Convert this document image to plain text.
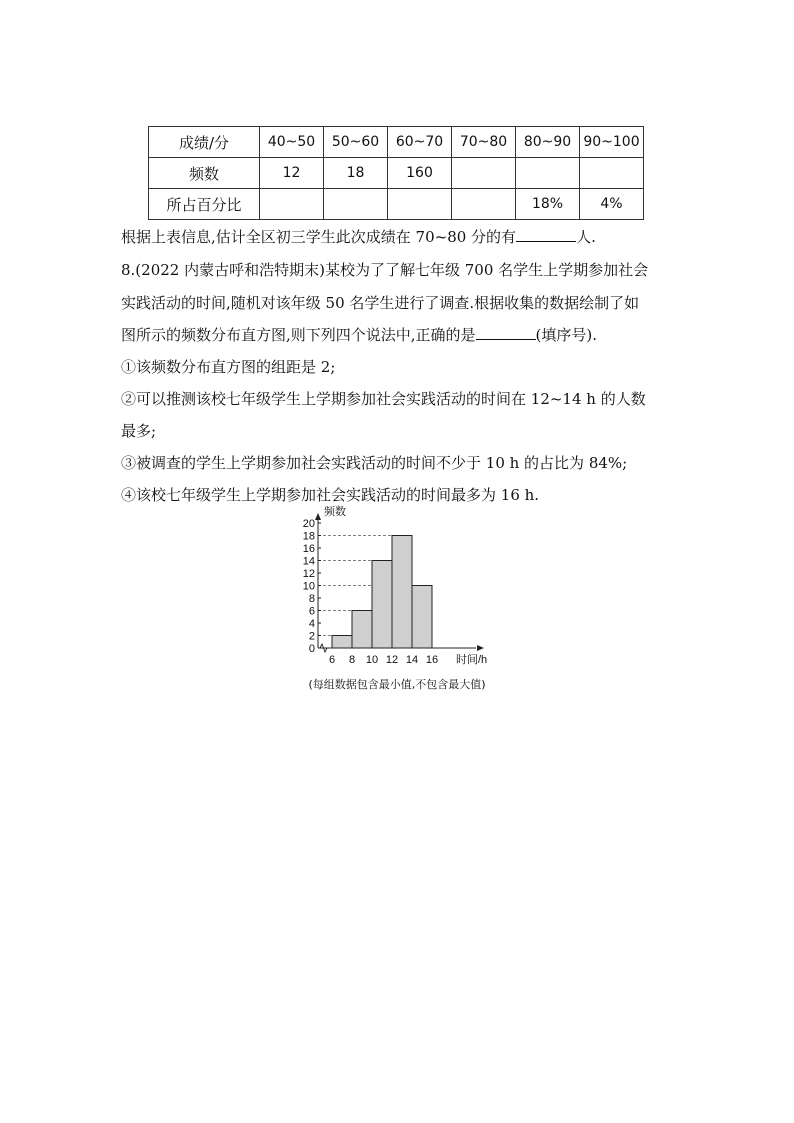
成绩/分	40~50	50~60	60~70	70~80	80~90	90~100
频数	12	18	160			
所占百分比					18%	4%
根据上表信息,估计全区初三学生此次成绩在 70~80 分的有	人.
8.(2022 内蒙古呼和浩特期末)某校为了了解七年级 700 名学生上学期参加社会
实践活动的时间,随机对该年级 50 名学生进行了调查.根据收集的数据绘制了如
图所示的频数分布直方图,则下列四个说法中,正确的是	(填序号).
①该频数分布直方图的组距是 2;
②可以推测该校七年级学生上学期参加社会实践活动的时间在 12~14 h 的人数
最多;
③被调查的学生上学期参加社会实践活动的时间不少于 10 h 的占比为 84%;
④该校七年级学生上学期参加社会实践活动的时间最多为 16 h.
0
2
4
6
8
10
12
14
16
18
20
6 8 10 12 14 16
频数
时间/h
(每组数据包含最小值,不包含最大值)
